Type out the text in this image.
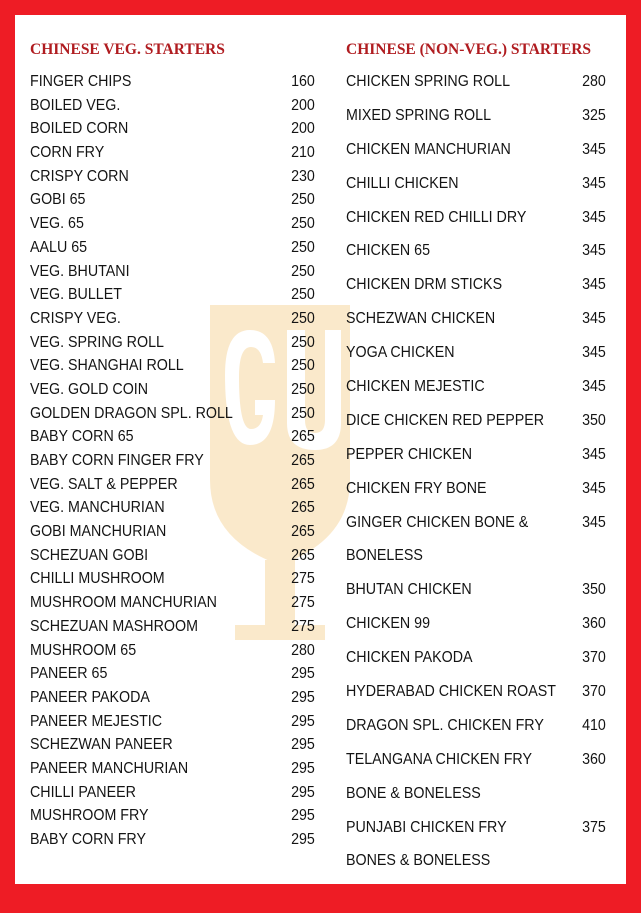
CHINESE VEG. STARTERS
FINGER CHIPS	160
BOILED VEG.	200
BOILED CORN	200
CORN FRY	210
CRISPY CORN	230
GOBI 65	250
VEG. 65	250
AALU 65	250
VEG. BHUTANI	250
VEG. BULLET	250
CRISPY VEG.	250
VEG. SPRING ROLL	250
VEG. SHANGHAI ROLL	250
VEG. GOLD COIN	250
GOLDEN DRAGON SPL. ROLL	250
BABY CORN 65	265
BABY CORN FINGER FRY	265
VEG. SALT & PEPPER	265
VEG. MANCHURIAN	265
GOBI MANCHURIAN	265
SCHEZUAN GOBI	265
CHILLI MUSHROOM	275
MUSHROOM MANCHURIAN	275
SCHEZUAN MASHROOM	275
MUSHROOM 65	280
PANEER 65	295
PANEER PAKODA	295
PANEER MEJESTIC	295
SCHEZWAN PANEER	295
PANEER MANCHURIAN	295
CHILLI PANEER	295
MUSHROOM FRY	295
BABY CORN FRY	295
CHINESE (NON-VEG.) STARTERS
CHICKEN SPRING ROLL	280
MIXED SPRING ROLL	325
CHICKEN MANCHURIAN	345
CHILLI CHICKEN	345
CHICKEN RED CHILLI DRY	345
CHICKEN 65	345
CHICKEN DRM STICKS	345
SCHEZWAN CHICKEN	345
YOGA CHICKEN	345
CHICKEN MEJESTIC	345
DICE CHICKEN RED PEPPER 350
PEPPER CHICKEN	345
CHICKEN FRY BONE	345
GINGER CHICKEN BONE &	345
BONELESS
BHUTAN CHICKEN	350
CHICKEN 99	360
CHICKEN PAKODA	370
HYDERABAD CHICKEN ROAST 370
DRAGON SPL. CHICKEN FRY 410
TELANGANA CHICKEN FRY	360
BONE & BONELESS
PUNJABI CHICKEN FRY	375
BONES & BONELESS
